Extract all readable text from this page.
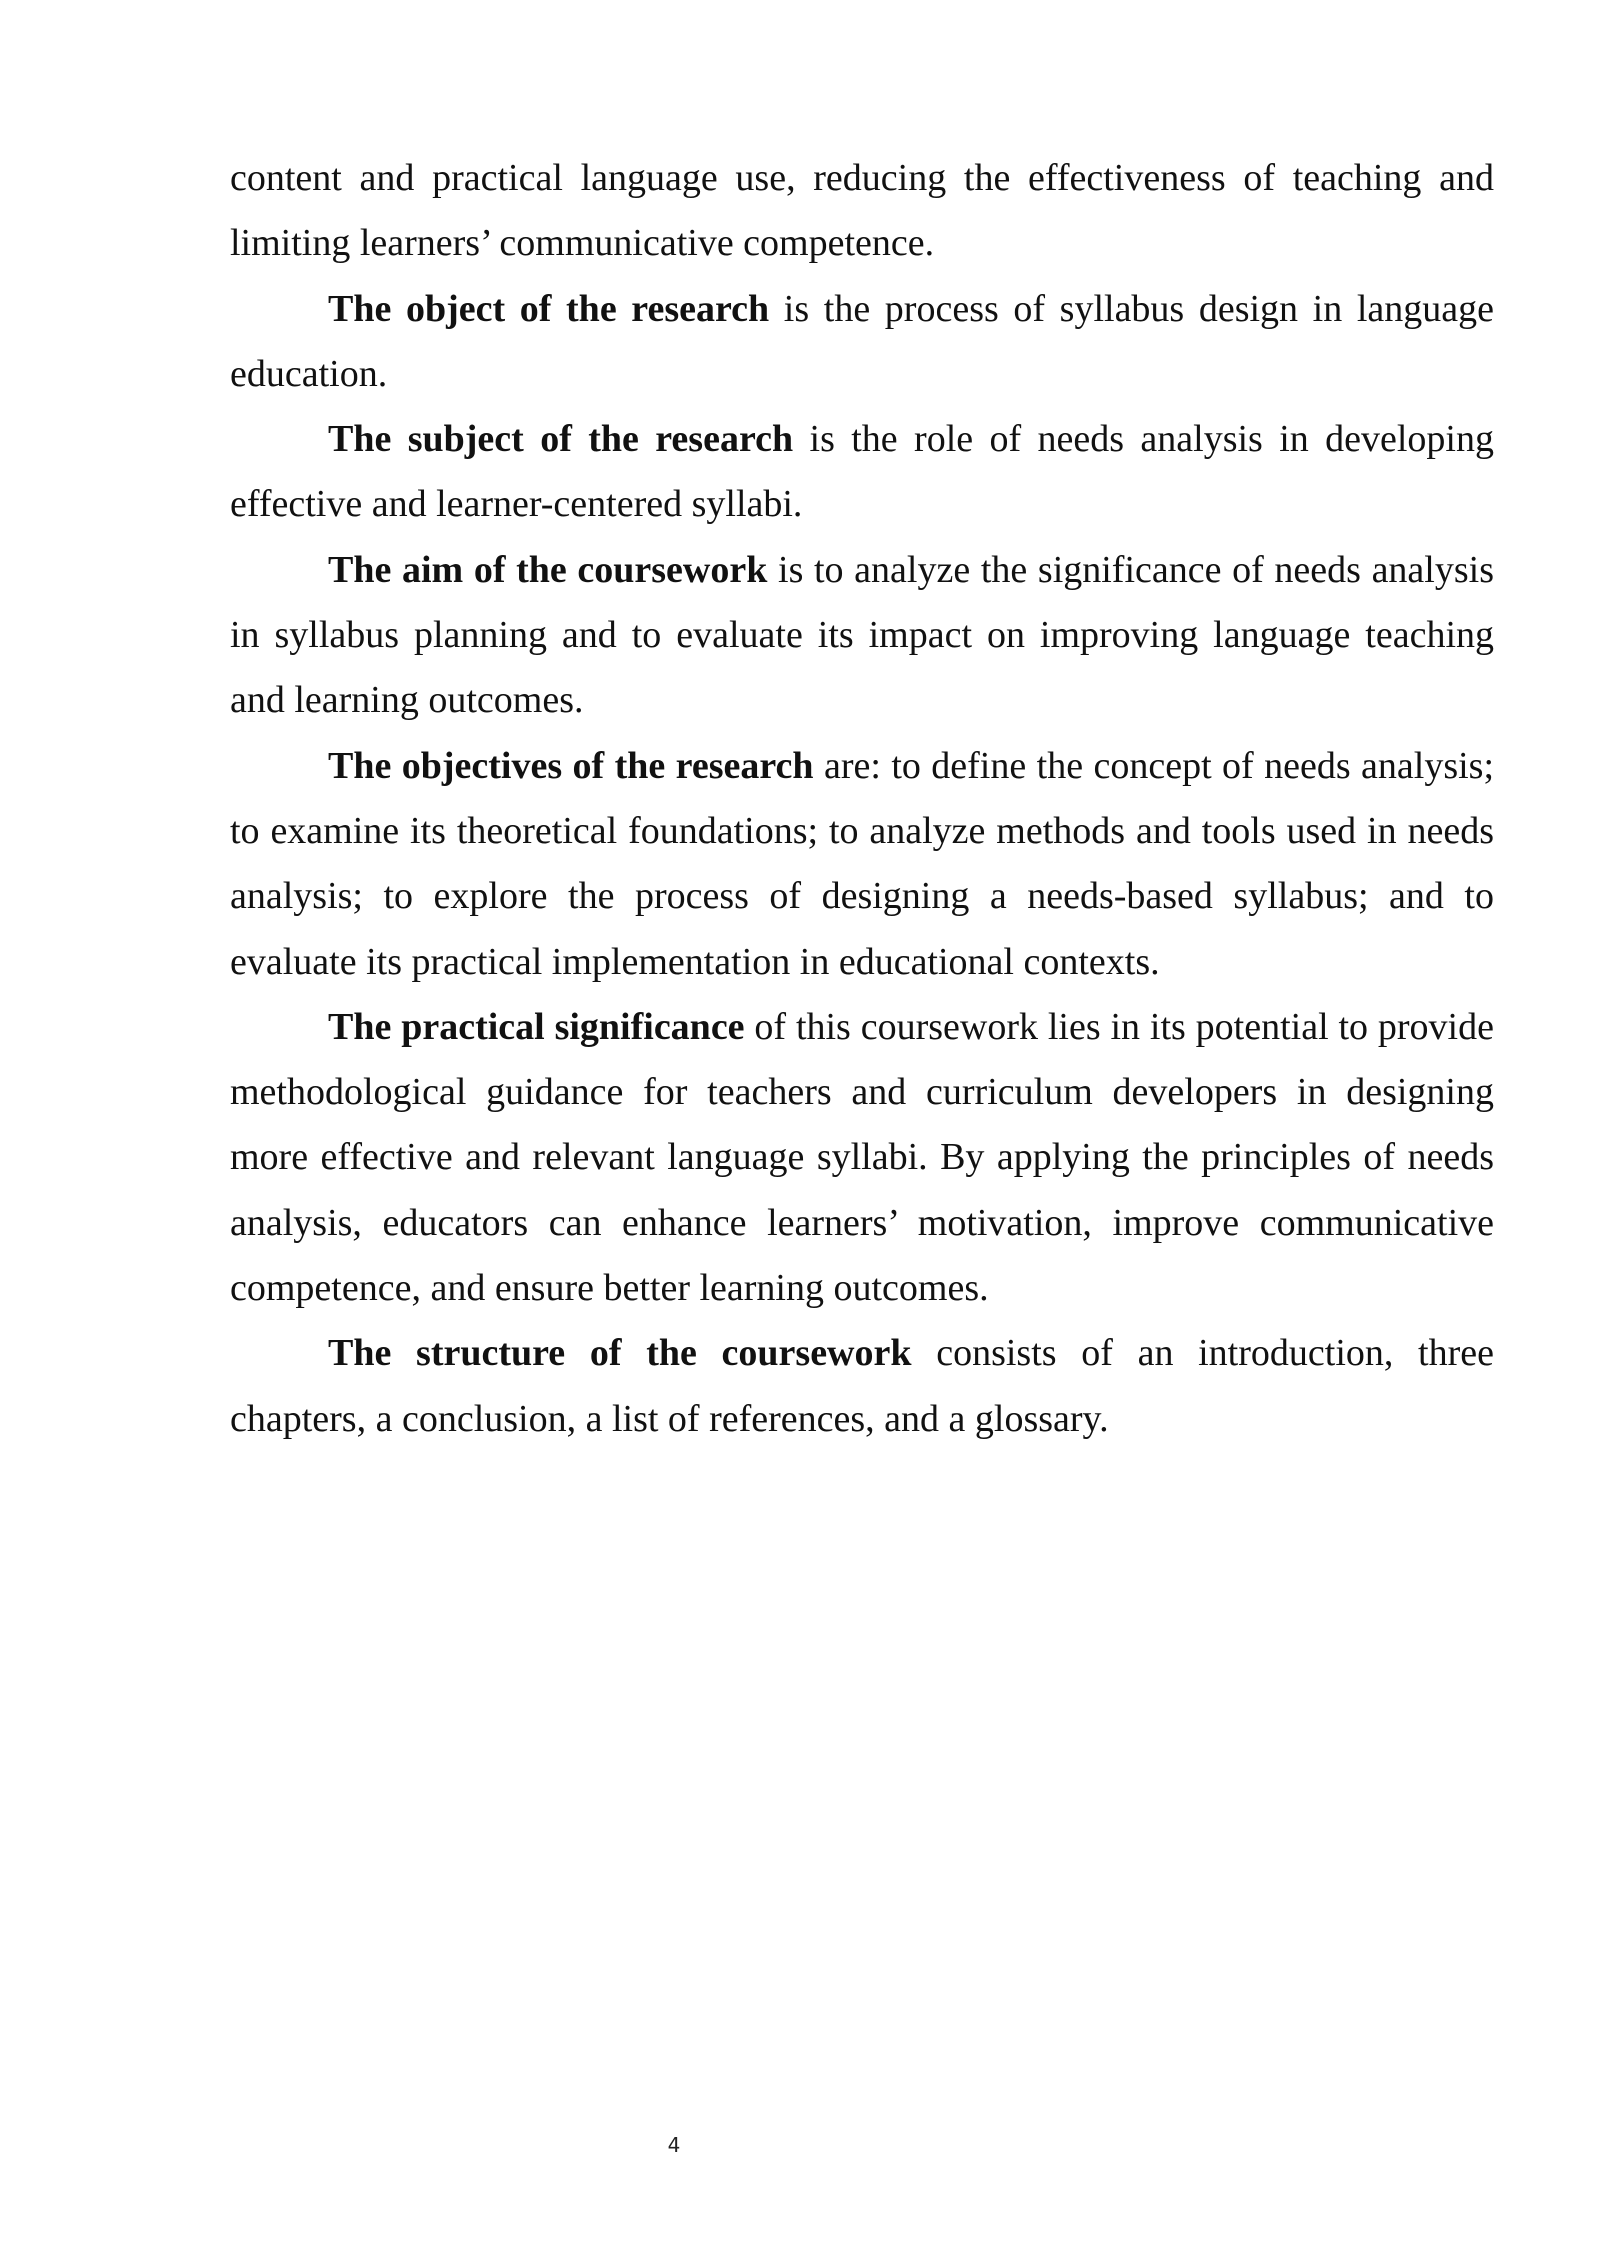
content and practical language use, reducing the effectiveness of teaching and limiting learners’ communicative competence.

The object of the research is the process of syllabus design in language education.

The subject of the research is the role of needs analysis in developing effective and learner-centered syllabi.

The aim of the coursework is to analyze the significance of needs analysis in syllabus planning and to evaluate its impact on improving language teaching and learning outcomes.

The objectives of the research are: to define the concept of needs analysis; to examine its theoretical foundations; to analyze methods and tools used in needs analysis; to explore the process of designing a needs-based syllabus; and to evaluate its practical implementation in educational contexts.

The practical significance of this coursework lies in its potential to provide methodological guidance for teachers and curriculum developers in designing more effective and relevant language syllabi. By applying the principles of needs analysis, educators can enhance learners’ motivation, improve communicative competence, and ensure better learning outcomes.

The structure of the coursework consists of an introduction, three chapters, a conclusion, a list of references, and a glossary.

4
